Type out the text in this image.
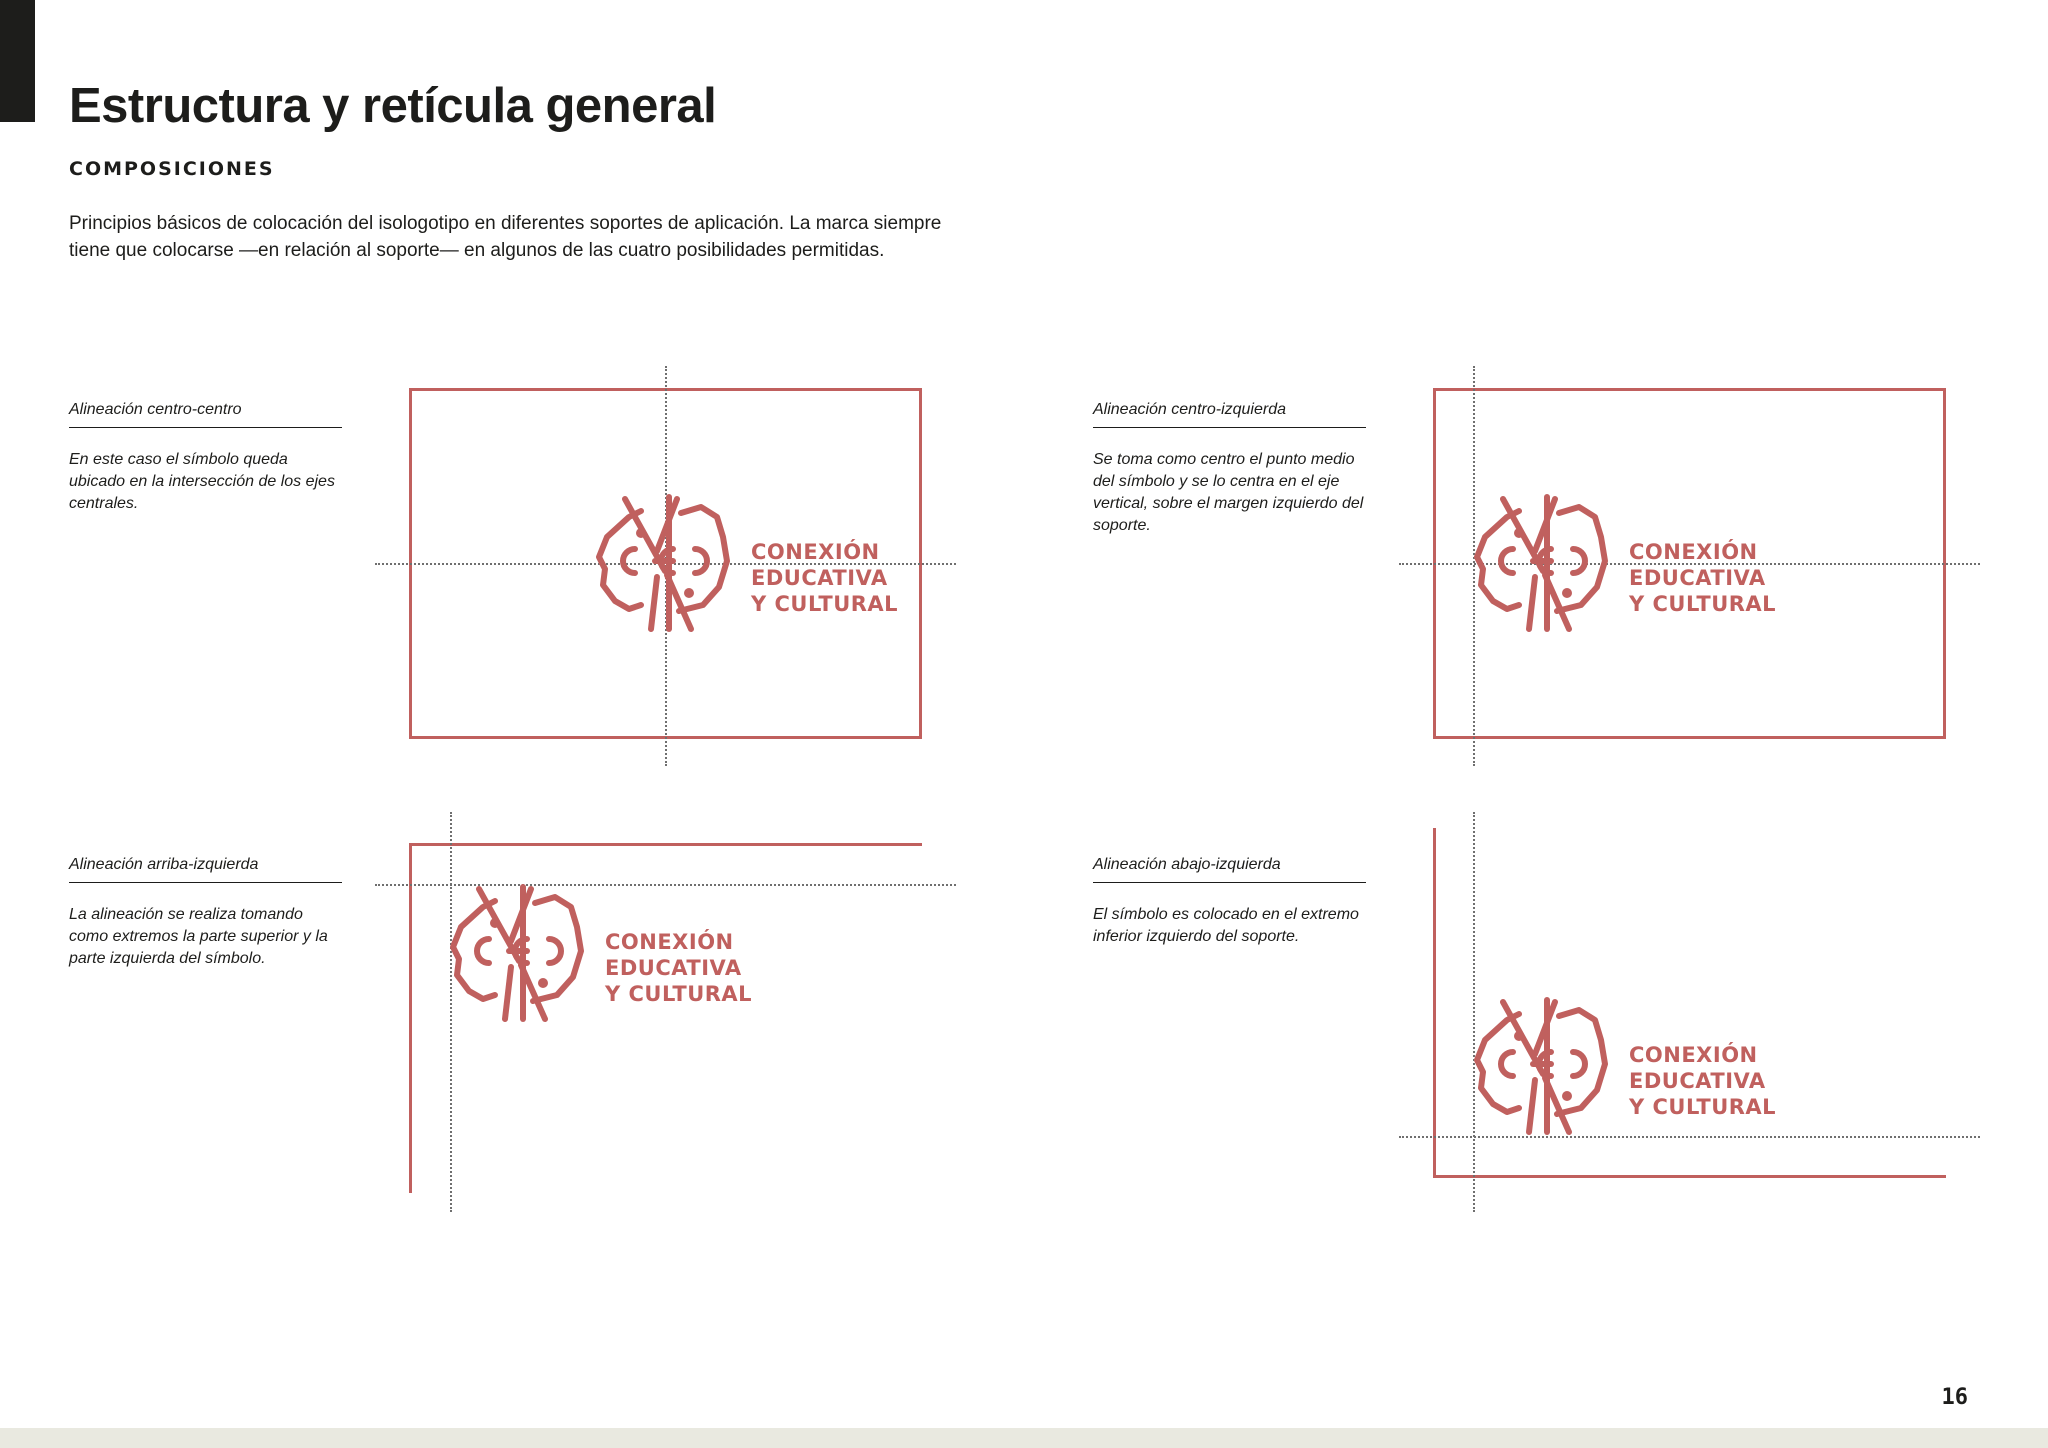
Estructura y retícula general
COMPOSICIONES

Principios básicos de colocación del isologotipo en diferentes soportes de aplicación. La marca siempre tiene que colocarse —en relación al soporte— en algunos de las cuatro posibilidades permitidas.

Alineación centro-centro
En este caso el símbolo queda ubicado en la intersección de los ejes centrales.
CONEXIÓN
EDUCATIVA
Y CULTURAL
Alineación centro-izquierda
Se toma como centro el punto medio del símbolo y se lo centra en el eje vertical, sobre el margen izquierdo del soporte.
CONEXIÓN
EDUCATIVA
Y CULTURAL
Alineación arriba-izquierda
La alineación se realiza tomando como extremos la parte superior y la parte izquierda del símbolo.
CONEXIÓN
EDUCATIVA
Y CULTURAL
Alineación abajo-izquierda
El símbolo es colocado en el extremo inferior izquierdo del soporte.
CONEXIÓN
EDUCATIVA
Y CULTURAL
16
